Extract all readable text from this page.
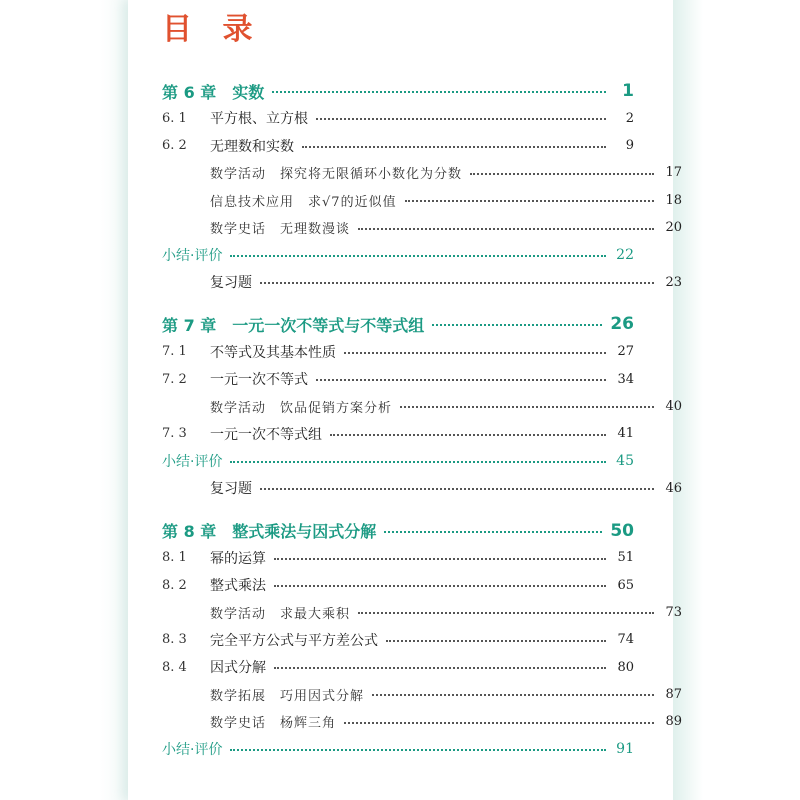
目 录
第 6 章　实数	1
6. 1	平方根、立方根	2
6. 2	无理数和实数	9
数学活动 探究将无限循环小数化为分数	17
信息技术应用 求√7的近似值	18
数学史话 无理数漫谈	20
小结·评价	22
复习题	23
第 7 章　一元一次不等式与不等式组	26
7. 1	不等式及其基本性质	27
7. 2	一元一次不等式	34
数学活动 饮品促销方案分析	40
7. 3	一元一次不等式组	41
小结·评价	45
复习题	46
第 8 章　整式乘法与因式分解	50
8. 1	幂的运算	51
8. 2	整式乘法	65
数学活动 求最大乘积	73
8. 3	完全平方公式与平方差公式	74
8. 4	因式分解	80
数学拓展 巧用因式分解	87
数学史话 杨辉三角	89
小结·评价	91
